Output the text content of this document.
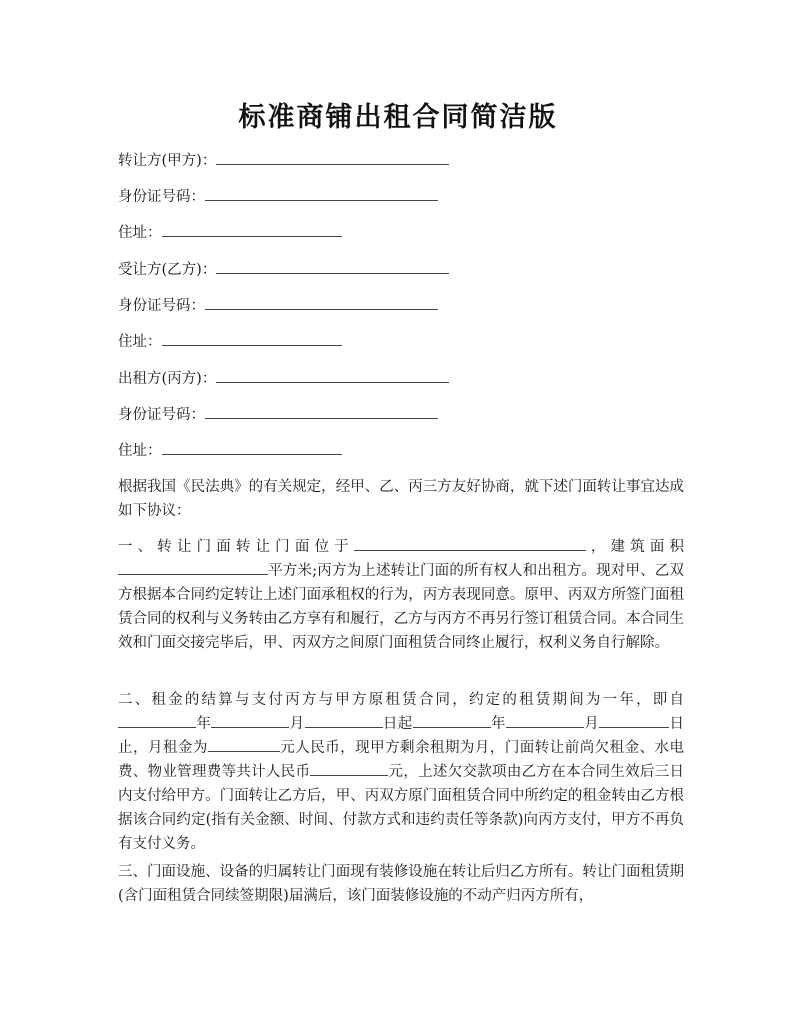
标准商铺出租合同简洁版
转让方(甲方)：
身份证号码：
住址：
受让方(乙方)：
身份证号码：
住址：
出租方(丙方)：
身份证号码：
住址：
根据我国《民法典》的有关规定，经甲、乙、丙三方友好协商，就下述门面转让事宜达成如下协议：
一、转让门面转让门面位于	，建筑面积平方米;丙方为上述转让门面的所有权人和出租方。现对甲、乙双方根据本合同约定转让上述门面承租权的行为，丙方表现同意。原甲、丙双方所签门面租赁合同的权利与义务转由乙方享有和履行，乙方与丙方不再另行签订租赁合同。本合同生效和门面交接完毕后，甲、丙双方之间原门面租赁合同终止履行，权利义务自行解除。
二、租金的结算与支付丙方与甲方原租赁合同，约定的租赁期间为一年，即自年	月	日起	年	月	日止，月租金为	元人民币，现甲方剩余租期为月，门面转让前尚欠租金、水电费、物业管理费等共计人民币	元，上述欠交款项由乙方在本合同生效后三日内支付给甲方。门面转让乙方后，甲、丙双方原门面租赁合同中所约定的租金转由乙方根据该合同约定(指有关金额、时间、付款方式和违约责任等条款)向丙方支付，甲方不再负有支付义务。
三、门面设施、设备的归属转让门面现有装修设施在转让后归乙方所有。转让门面租赁期(含门面租赁合同续签期限)届满后，该门面装修设施的不动产归丙方所有，
